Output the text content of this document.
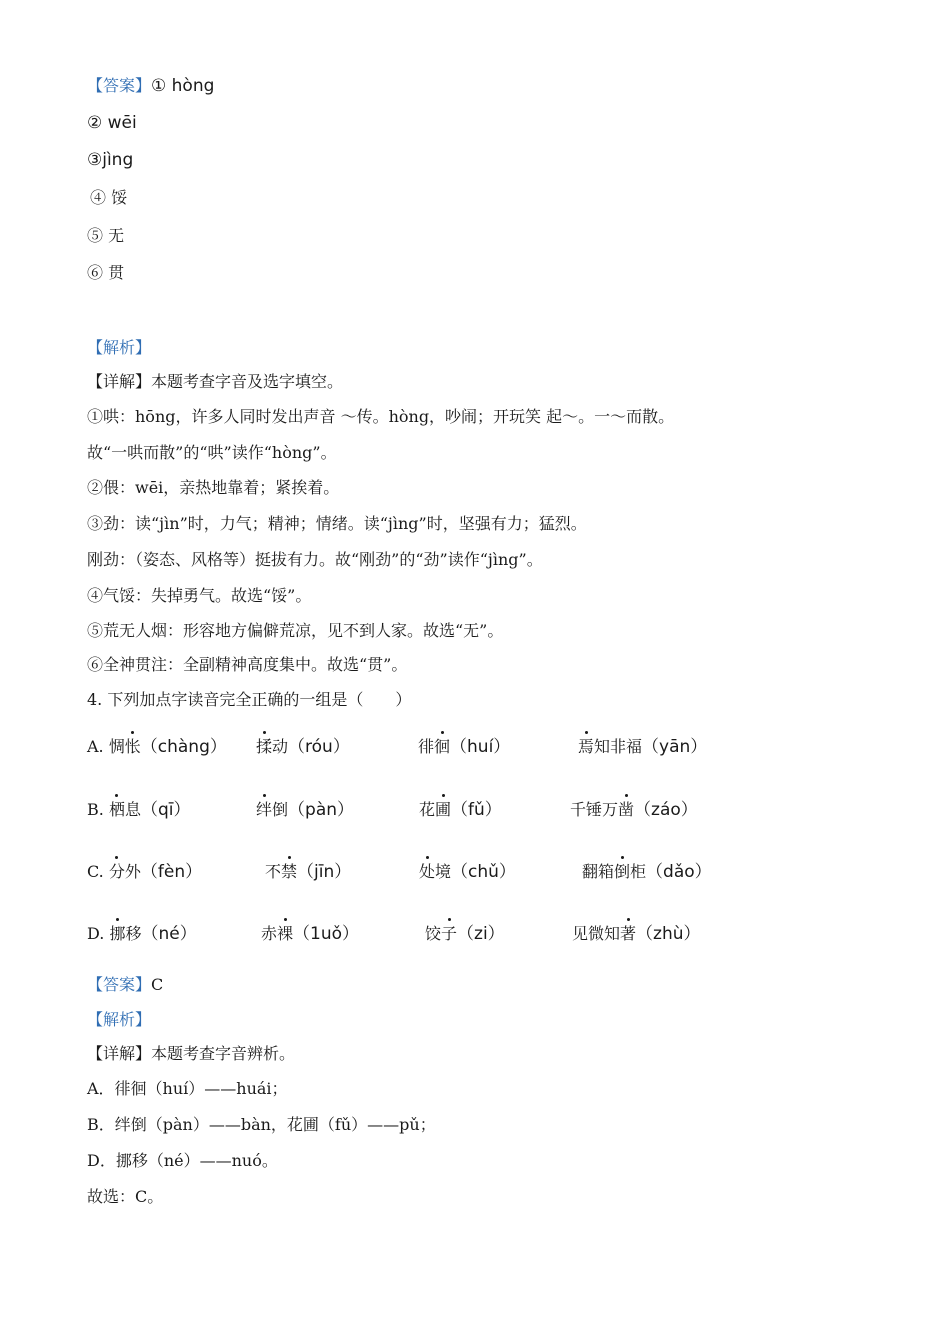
【答案】① hòng
② wēi
③jìng
④ 馁
⑤ 无
⑥ 贯
【解析】
【详解】本题考查字音及选字填空。
①哄：hōng，许多人同时发出声音 ～传。hòng，吵闹；开玩笑 起～。一～而散。
故“一哄而散”的“哄”读作“hòng”。
②偎：wēi，亲热地靠着；紧挨着。
③劲：读“jìn”时，力气；精神；情绪。读“jìng”时，坚强有力；猛烈。
刚劲：（姿态、风格等）挺拔有力。故“刚劲”的“劲”读作“jìng”。
④气馁：失掉勇气。故选“馁”。
⑤荒无人烟：形容地方偏僻荒凉，见不到人家。故选“无”。
⑥全神贯注：全副精神高度集中。故选“贯”。
4. 下列加点字读音完全正确的一组是（　　）
A. 惆怅（chàng） 揉动（róu）	徘徊（huí）	焉知非福（yān）
B. 栖息（qī）	绊倒（pàn）	花圃（fǔ）	千锤万凿（záo）
C. 分外（fèn）	不禁（jīn）	处境（chǔ）	翻箱倒柜（dǎo）
D. 挪移（né）	赤裸（1uǒ）	饺子（zi）	见微知著（zhù）
【答案】C
【解析】
【详解】本题考查字音辨析。
A．徘徊（huí）——huái；
B．绊倒（pàn）——bàn，花圃（fǔ）——pǔ；
D．挪移（né）——nuó。
故选：C。
